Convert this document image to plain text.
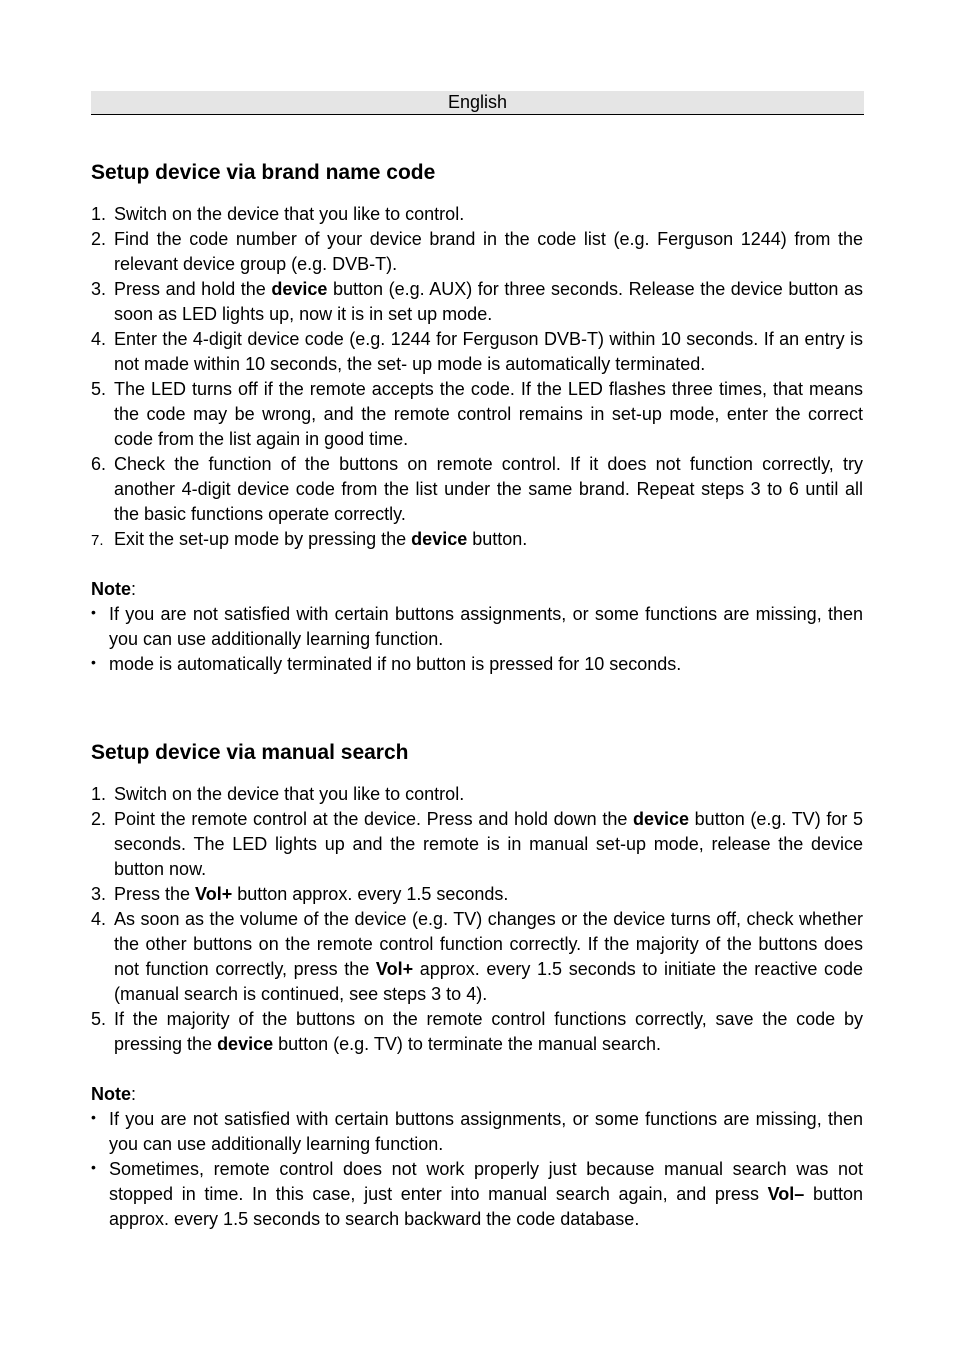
English
Setup device via brand name code
1. Switch on the device that you like to control.
2. Find the code number of your device brand in the code list (e.g. Ferguson 1244) from the relevant device group (e.g. DVB-T).
3. Press and hold the device button (e.g. AUX) for three seconds. Release the device button as soon as LED lights up, now it is in set up mode.
4. Enter the 4-digit device code (e.g. 1244 for Ferguson DVB-T) within 10 seconds. If an entry is not made within 10 seconds, the set- up mode is automatically terminated.
5. The LED turns off if the remote accepts the code. If the LED flashes three times, that means the code may be wrong, and the remote control remains in set-up mode, enter the correct code from the list again in good time.
6. Check the function of the buttons on remote control. If it does not function correctly, try another 4-digit device code from the list under the same brand. Repeat steps 3 to 6 until all the basic functions operate correctly.
7. Exit the set-up mode by pressing the device button.
Note:
• If you are not satisfied with certain buttons assignments, or some functions are missing, then you can use additionally learning function.
• mode is automatically terminated if no button is pressed for 10 seconds.
Setup device via manual search
1. Switch on the device that you like to control.
2. Point the remote control at the device. Press and hold down the device button (e.g. TV) for 5 seconds. The LED lights up and the remote is in manual set-up mode, release the device button now.
3. Press the Vol+ button approx. every 1.5 seconds.
4. As soon as the volume of the device (e.g. TV) changes or the device turns off, check whether the other buttons on the remote control function correctly. If the majority of the buttons does not function correctly, press the Vol+ approx. every 1.5 seconds to initiate the reactive code (manual search is continued, see steps 3 to 4).
5. If the majority of the buttons on the remote control functions correctly, save the code by pressing the device button (e.g. TV) to terminate the manual search.
Note:
• If you are not satisfied with certain buttons assignments, or some functions are missing, then you can use additionally learning function.
• Sometimes, remote control does not work properly just because manual search was not stopped in time. In this case, just enter into manual search again, and press Vol– button approx. every 1.5 seconds to search backward the code database.
